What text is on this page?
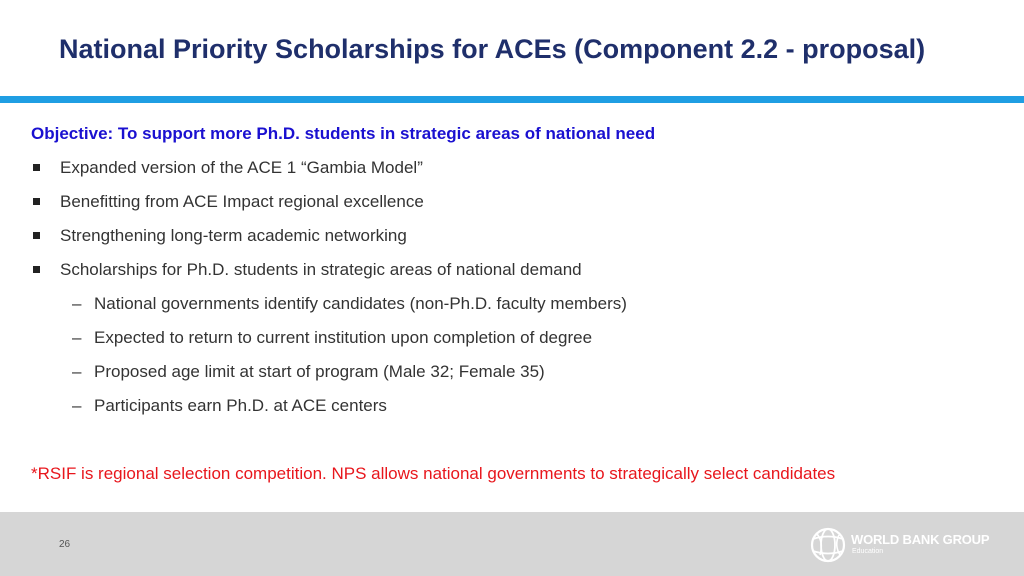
National Priority Scholarships for ACEs (Component 2.2 - proposal)
Objective: To support more Ph.D. students in strategic areas of national need
Expanded version of the ACE 1 “Gambia Model”
Benefitting from ACE Impact regional excellence
Strengthening long-term academic networking
Scholarships for Ph.D. students in strategic areas of national demand
– National governments identify candidates (non-Ph.D. faculty members)
– Expected to return to current institution upon completion of degree
– Proposed age limit at start of program (Male 32; Female 35)
– Participants earn Ph.D. at ACE centers
*RSIF is regional selection competition. NPS allows national governments to strategically select candidates
26	WORLD BANK GROUP
Education
